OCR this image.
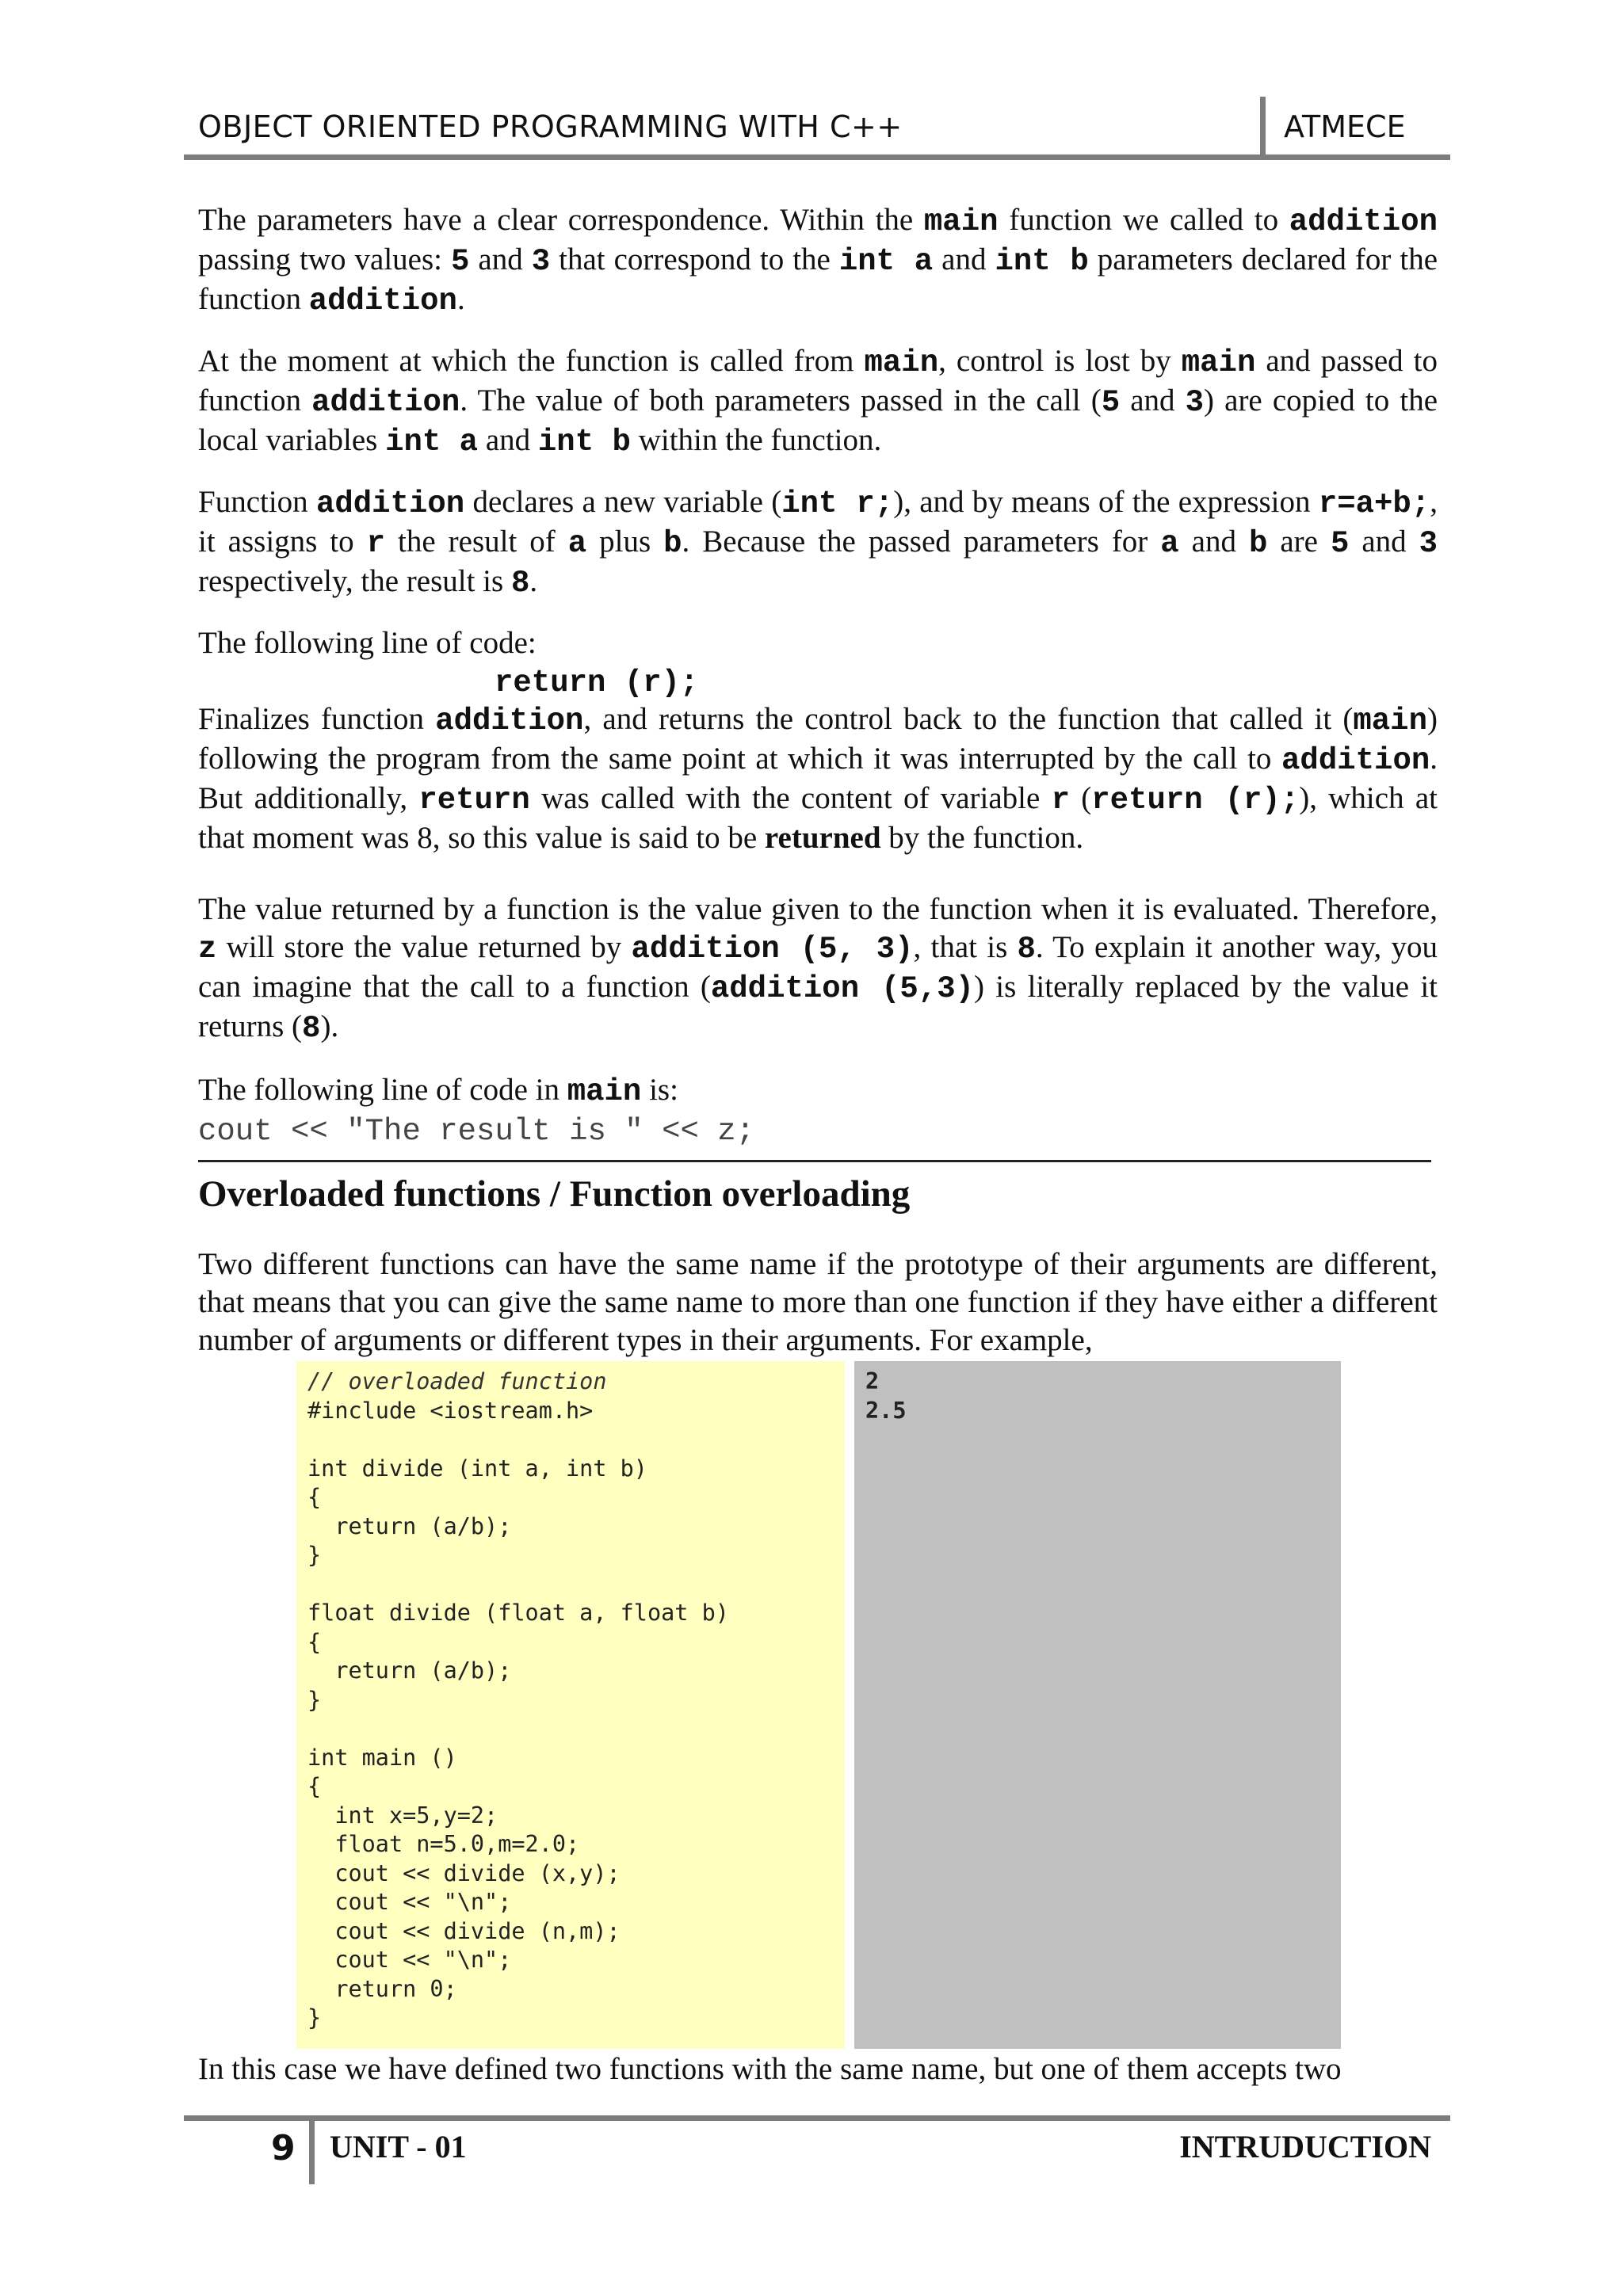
OBJECT ORIENTED PROGRAMMING WITH C++	ATMECE

The parameters have a clear correspondence. Within the main function we called to addition passing two values: 5 and 3 that correspond to the int a and int b parameters declared for the function addition.

At the moment at which the function is called from main, control is lost by main and passed to function addition. The value of both parameters passed in the call (5 and 3) are copied to the local variables int a and int b within the function.

Function addition declares a new variable (int r;), and by means of the expression r=a+b;, it assigns to r the result of a plus b. Because the passed parameters for a and b are 5 and 3 respectively, the result is 8.

The following line of code:

return (r);

Finalizes function addition, and returns the control back to the function that called it (main) following the program from the same point at which it was interrupted by the call to addition. But additionally, return was called with the content of variable r (return (r);), which at that moment was 8, so this value is said to be returned by the function.

The value returned by a function is the value given to the function when it is evaluated. Therefore, z will store the value returned by addition (5, 3), that is 8. To explain it another way, you can imagine that the call to a function (addition (5,3)) is literally replaced by the value it returns (8).

The following line of code in main is:

cout << "The result is " << z;

Overloaded functions / Function overloading

Two different functions can have the same name if the prototype of their arguments are different, that means that you can give the same name to more than one function if they have either a different number of arguments or different types in their arguments. For example,

// overloaded function
#include <iostream.h>

int divide (int a, int b)
{
return (a/b);
}

float divide (float a, float b)
{
return (a/b);
}

int main ()
{
int x=5,y=2;
float n=5.0,m=2.0;
cout << divide (x,y);
cout << "\n";
cout << divide (n,m);
cout << "\n";
return 0;
}

2
2.5

In this case we have defined two functions with the same name, but one of them accepts two

9 UNIT - 01	INTRUDUCTION
